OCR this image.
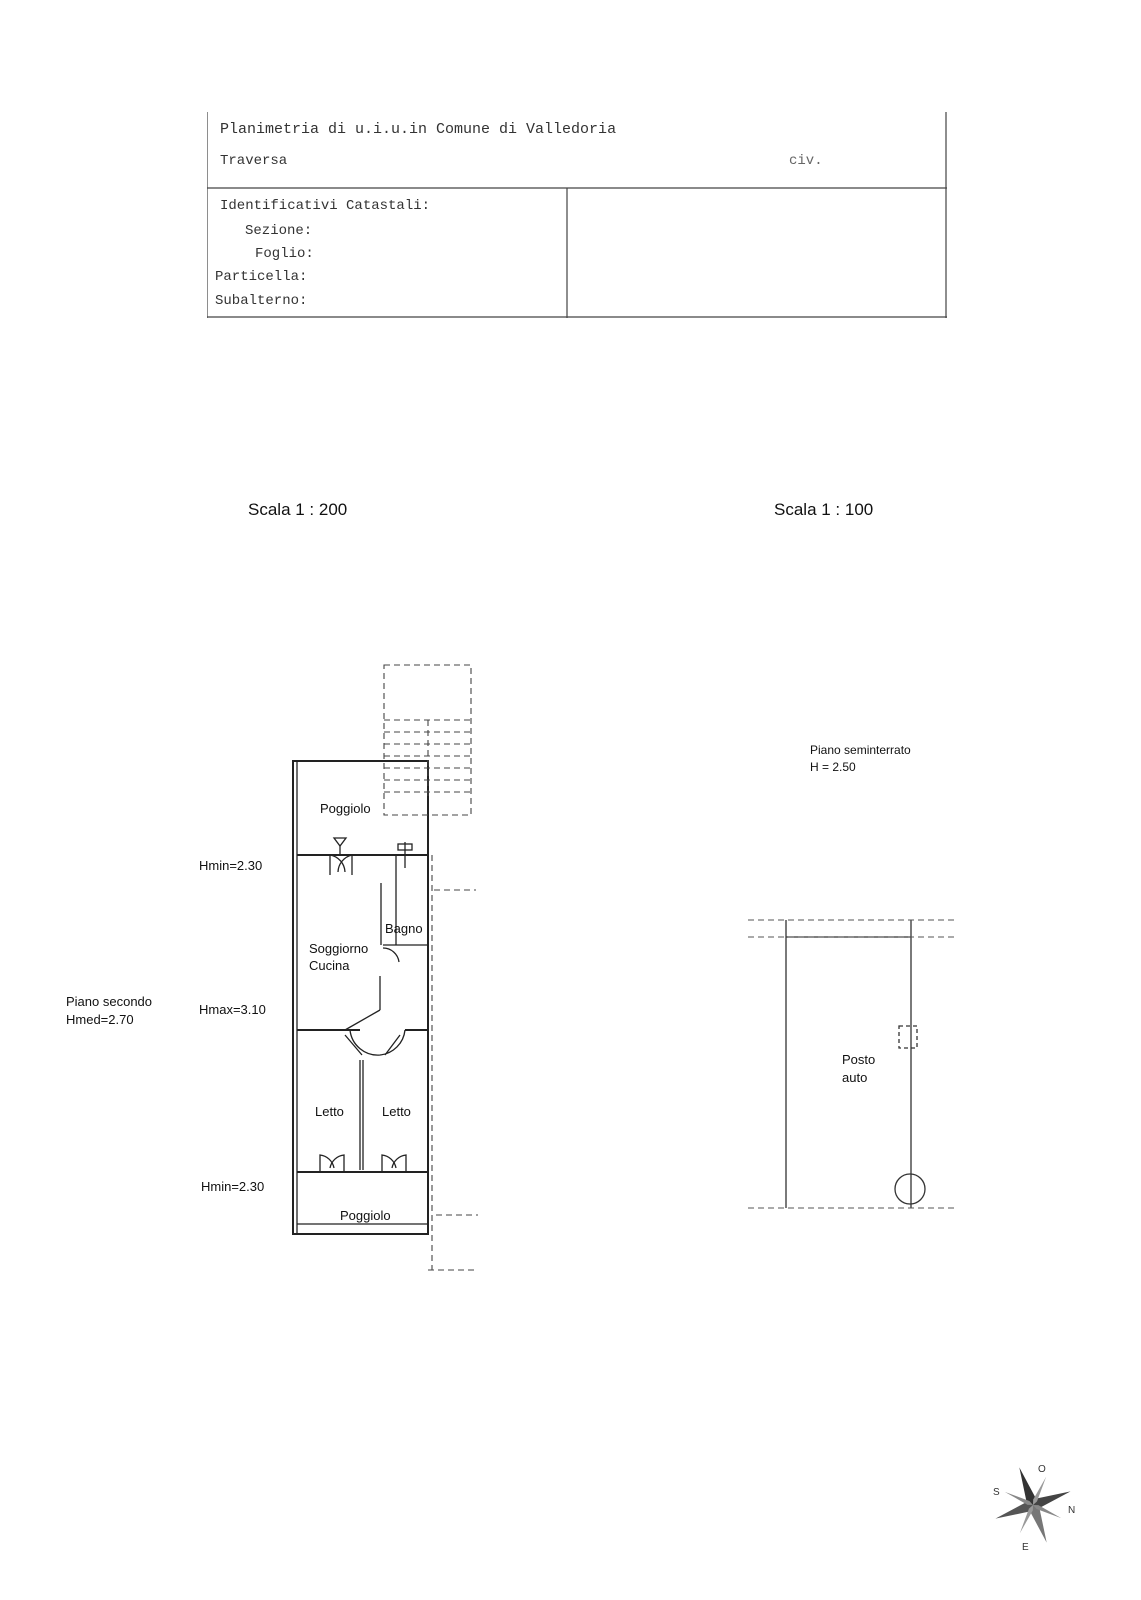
Planimetria di u.i.u.in Comune di Valledoria
Traversa	civ.
Identificativi Catastali:
Sezione:
Foglio:
Particella:
Subalterno:
Scala 1 : 200	Scala 1 : 100
O
N
S
E
Piano secondo
Hmed=2.70
Hmin=2.30
Hmax=3.10
Hmin=2.30
Poggiolo
Bagno
Soggiorno
Cucina
Letto	Letto
Poggiolo
Piano seminterrato
H = 2.50
Posto
auto
